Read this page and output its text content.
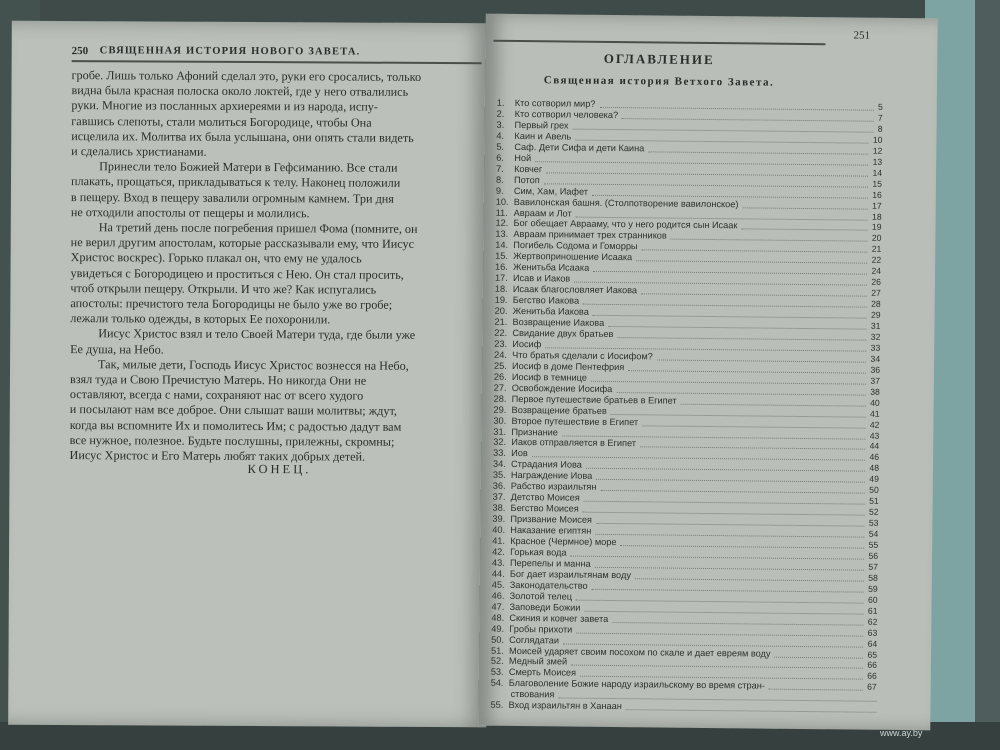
250 СВЯЩЕННАЯ ИСТОРИЯ НОВОГО ЗАВЕТА.
гробе. Лишь только Афоний сделал это, руки его сросались, только
видна была красная полоска около локтей, где у него отвалились
руки. Многие из посланных архиереями и из народа, испу-
гавшись слепоты, стали молиться Богородице, чтобы Она
исцелила их. Молитва их была услышана, они опять стали видеть
и сделались христианами.
Принесли тело Божией Матери в Гефсиманию. Все стали
плакать, прощаться, прикладываться к телу. Наконец положили
в пещеру. Вход в пещеру завалили огромным камнем. Три дня
не отходили апостолы от пещеры и молились.
На третий день после погребения пришел Фома (помните, он
не верил другим апостолам, которые рассказывали ему, что Иисус
Христос воскрес). Горько плакал он, что ему не удалось
увидеться с Богородицею и проститься с Нею. Он стал просить,
чтоб открыли пещеру. Открыли. И что же? Как испугались
апостолы: пречистого тела Богородицы не было уже во гробе;
лежали только одежды, в которых Ее похоронили.
Иисус Христос взял и тело Своей Матери туда, где были уже
Ее душа, на Небо.
Так, милые дети, Господь Иисус Христос вознесся на Небо,
взял туда и Свою Пречистую Матерь. Но никогда Они не
оставляют, всегда с нами, сохраняют нас от всего худого
и посылают нам все доброе. Они слышат ваши молитвы; ждут,
когда вы вспомните Их и помолитесь Им; с радостью дадут вам
все нужное, полезное. Будьте послушны, прилежны, скромны;
Иисус Христос и Его Матерь любят таких добрых детей.
КОНЕЦ.
251
ОГЛАВЛЕНИЕ
Священная история Ветхого Завета.
1. Кто сотворил мир?	5
2. Кто сотворил человека?	7
3. Первый грех	8
4. Каин и Авель	10
5. Саф. Дети Сифа и дети Каина	12
6. Ной	13
7. Ковчег	14
8. Потоп	15
9. Сим, Хам, Иафет	16
10. Вавилонская башня. (Столпотворение вавилонское)	17
11. Авраам и Лот	18
12. Бог обещает Аврааму, что у него родится сын Исаак	19
13. Авраам принимает трех странников	20
14. Погибель Содома и Гоморры	21
15. Жертвоприношение Исаака	22
16. Женитьба Исаака	24
17. Исав и Иаков	26
18. Исаак благословляет Иакова	27
19. Бегство Иакова	28
20. Женитьба Иакова	29
21. Возвращение Иакова	31
22. Свидание двух братьев	32
23. Иосиф	33
24. Что братья сделали с Иосифом?	34
25. Иосиф в доме Пентефрия	36
26. Иосиф в темнице	37
27. Освобождение Иосифа	38
28. Первое путешествие братьев в Египет	40
29. Возвращение братьев	41
30. Второе путешествие в Египет	42
31. Признание	43
32. Иаков отправляется в Египет	44
33. Иов	46
34. Страдания Иова	48
35. Награждение Иова	49
36. Рабство израильтян	50
37. Детство Моисея	51
38. Бегство Моисея	52
39. Призвание Моисея	53
40. Наказание египтян	54
41. Красное (Чермное) море	55
42. Горькая вода	56
43. Перепелы и манна	57
44. Бог дает израильтянам воду	58
45. Законодательство	59
46. Золотой телец	60
47. Заповеди Божии	61
48. Скиния и ковчег завета	62
49. Гробы прихоти	63
50. Соглядатаи	64
51. Моисей ударяет своим посохом по скале и дает евреям воду	65
52. Медный змей	66
53. Смерть Моисея	66
54. Благоволение Божие народу израильскому во время стран-	67
ствования
55. Вход израильтян в Ханаан
www.ay.by
